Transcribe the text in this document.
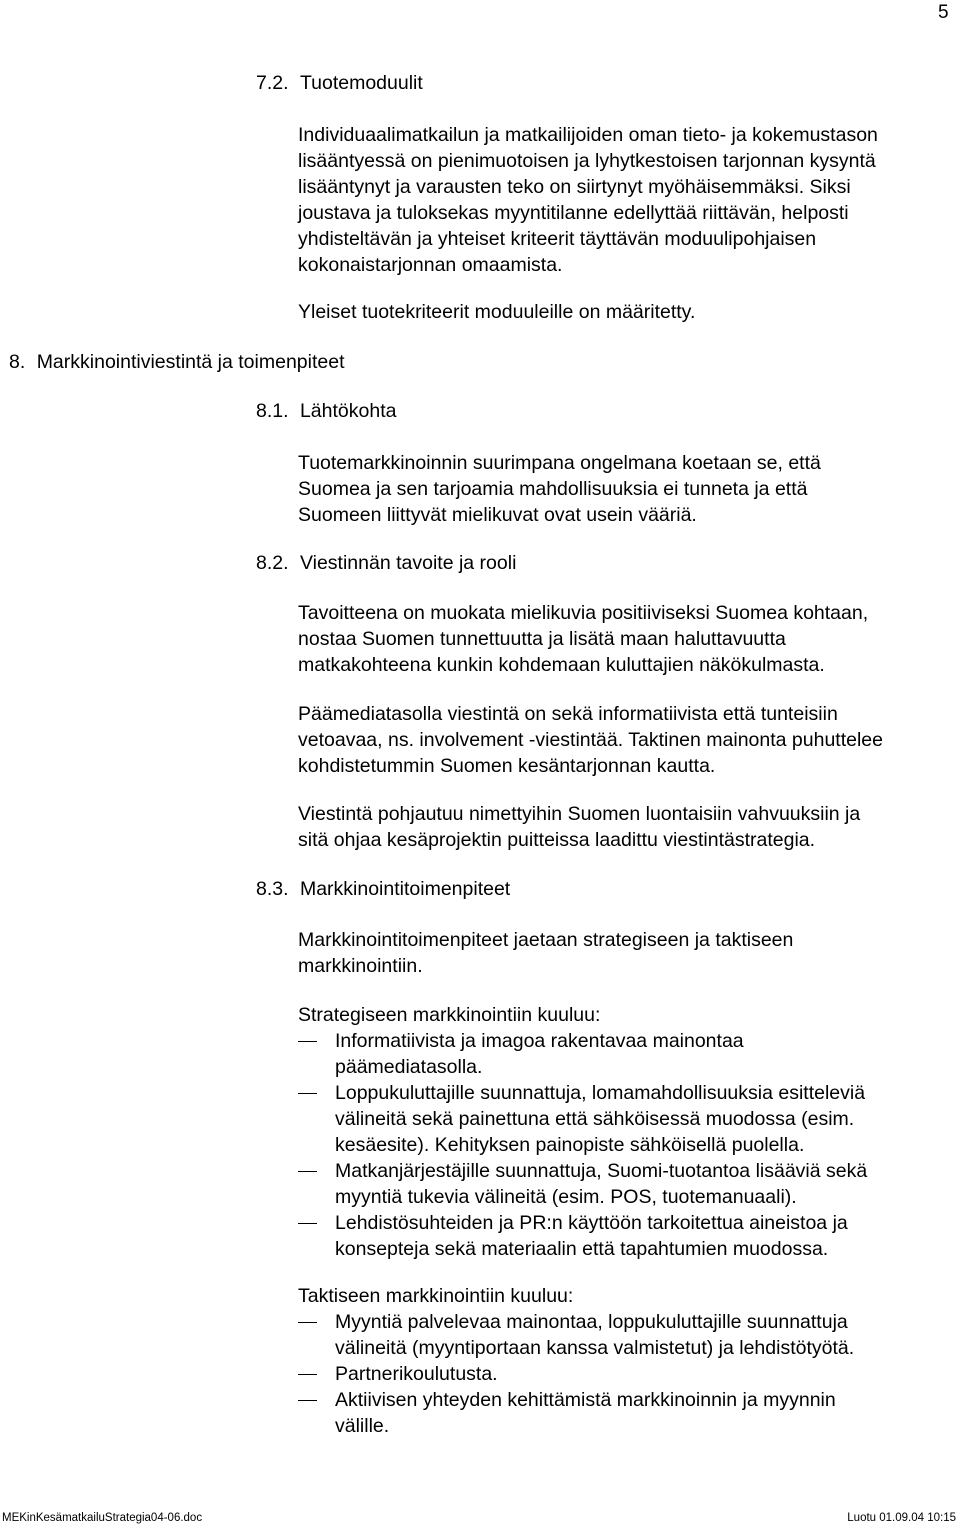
5
7.2. Tuotemoduulit
Individuaalimatkailun ja matkailijoiden oman tieto- ja kokemustason
lisääntyessä on pienimuotoisen ja lyhytkestoisen tarjonnan kysyntä
lisääntynyt ja varausten teko on siirtynyt myöhäisemmäksi. Siksi
joustava ja tuloksekas myyntitilanne edellyttää riittävän, helposti
yhdisteltävän ja yhteiset kriteerit täyttävän moduulipohjaisen
kokonaistarjonnan omaamista.
Yleiset tuotekriteerit moduuleille on määritetty.
8. Markkinointiviestintä ja toimenpiteet
8.1. Lähtökohta
Tuotemarkkinoinnin suurimpana ongelmana koetaan se, että
Suomea ja sen tarjoamia mahdollisuuksia ei tunneta ja että
Suomeen liittyvät mielikuvat ovat usein vääriä.
8.2. Viestinnän tavoite ja rooli
Tavoitteena on muokata mielikuvia positiiviseksi Suomea kohtaan,
nostaa Suomen tunnettuutta ja lisätä maan haluttavuutta
matkakohteena kunkin kohdemaan kuluttajien näkökulmasta.
Päämediatasolla viestintä on sekä informatiivista että tunteisiin
vetoavaa, ns. involvement -viestintää. Taktinen mainonta puhuttelee
kohdistetummin Suomen kesäntarjonnan kautta.
Viestintä pohjautuu nimettyihin Suomen luontaisiin vahvuuksiin ja
sitä ohjaa kesäprojektin puitteissa laadittu viestintästrategia.
8.3. Markkinointitoimenpiteet
Markkinointitoimenpiteet jaetaan strategiseen ja taktiseen
markkinointiin.
Strategiseen markkinointiin kuuluu:
Informatiivista ja imagoa rakentavaa mainontaa
päämediatasolla.
Loppukuluttajille suunnattuja, lomamahdollisuuksia esitteleviä
välineitä sekä painettuna että sähköisessä muodossa (esim.
kesäesite). Kehityksen painopiste sähköisellä puolella.
Matkanjärjestäjille suunnattuja, Suomi-tuotantoa lisääviä sekä
myyntiä tukevia välineitä (esim. POS, tuotemanuaali).
Lehdistösuhteiden ja PR:n käyttöön tarkoitettua aineistoa ja
konsepteja sekä materiaalin että tapahtumien muodossa.
Taktiseen markkinointiin kuuluu:
Myyntiä palvelevaa mainontaa, loppukuluttajille suunnattuja
välineitä (myyntiportaan kanssa valmistetut) ja lehdistötyötä.
Partnerikoulutusta.
Aktiivisen yhteyden kehittämistä markkinoinnin ja myynnin
välille.
MEKinKesämatkailuStrategia04-06.doc	Luotu 01.09.04 10:15
